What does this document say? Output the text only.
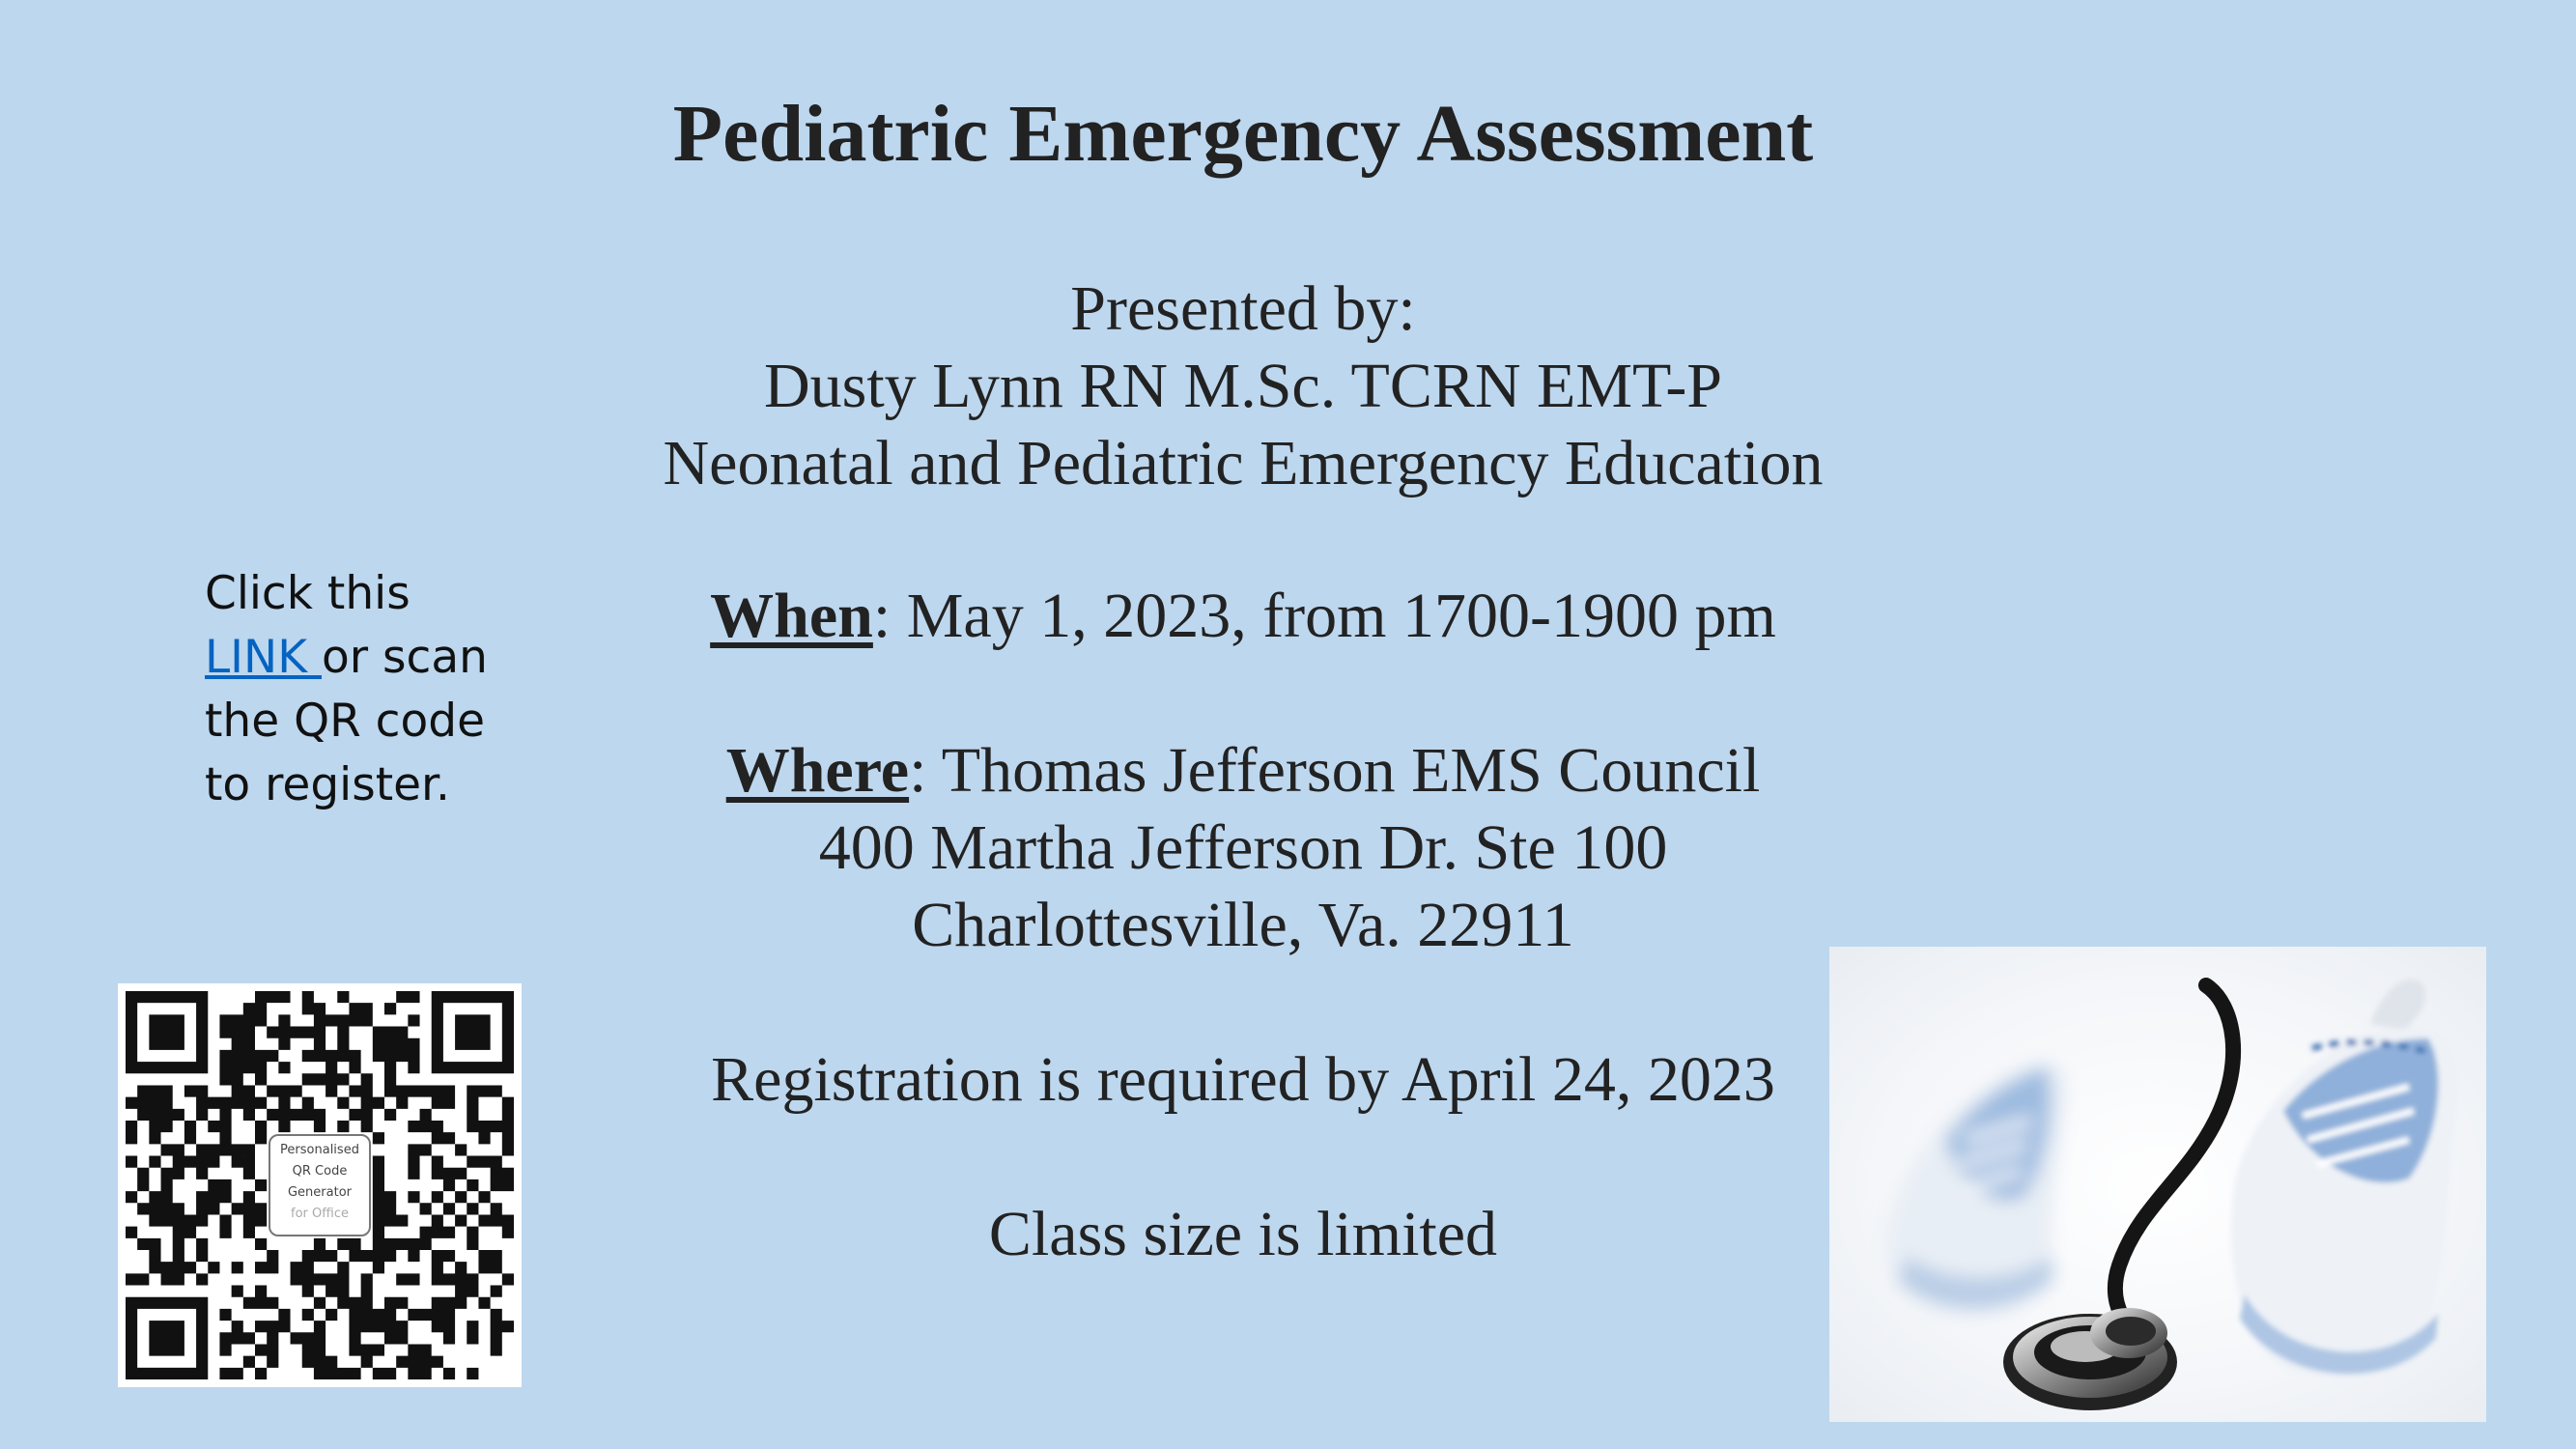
Pediatric Emergency Assessment
Presented by:
Dusty Lynn RN M.Sc. TCRN EMT-P
Neonatal and Pediatric Emergency Education
When: May 1, 2023, from 1700-1900 pm
Where: Thomas Jefferson EMS Council
400 Martha Jefferson Dr. Ste 100
Charlottesville, Va. 22911
Registration is required by April 24, 2023
Class size is limited
Click this
LINK or scan
the QR code
to register.
Personalised
QR Code
Generator
for Office
